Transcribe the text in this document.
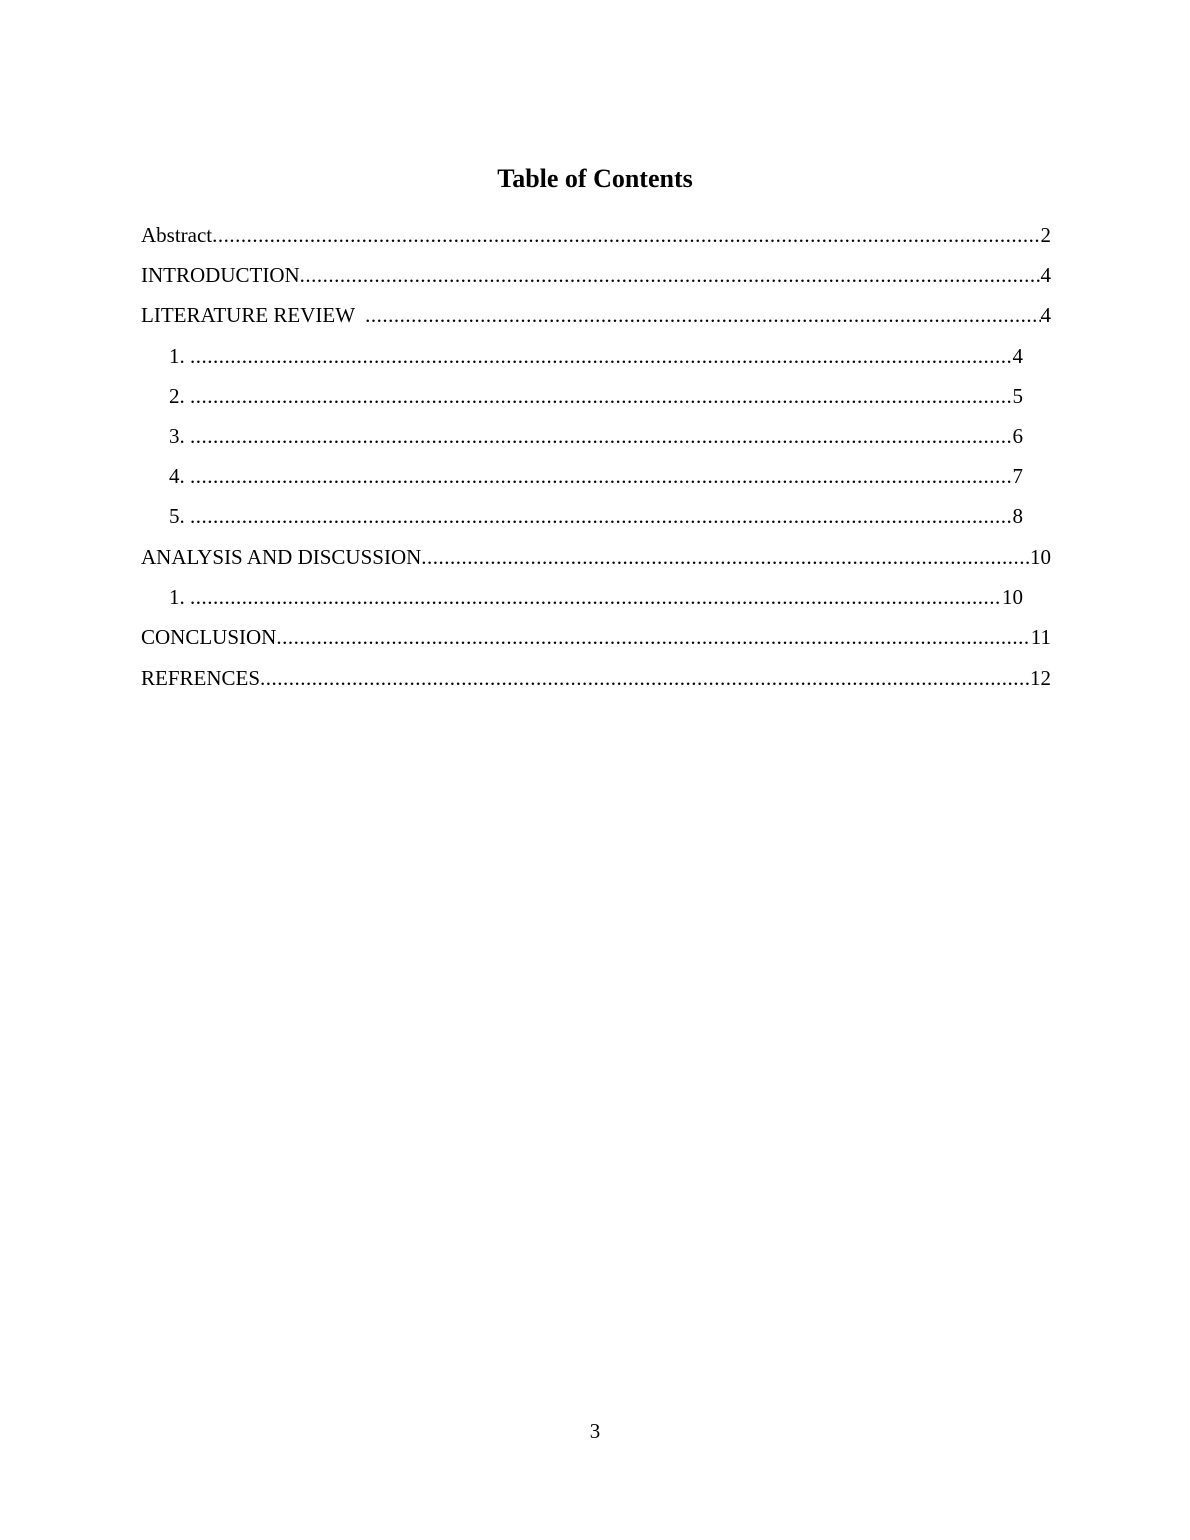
Table of Contents
Abstract .....	2
INTRODUCTION .....	4
LITERATURE REVIEW .....	4
1. .....	4
2. .....	5
3. .....	6
4. .....	7
5. .....	8
ANALYSIS AND DISCUSSION .....	10
1. .....	10
CONCLUSION .....	11
REFRENCES .....	12
3
